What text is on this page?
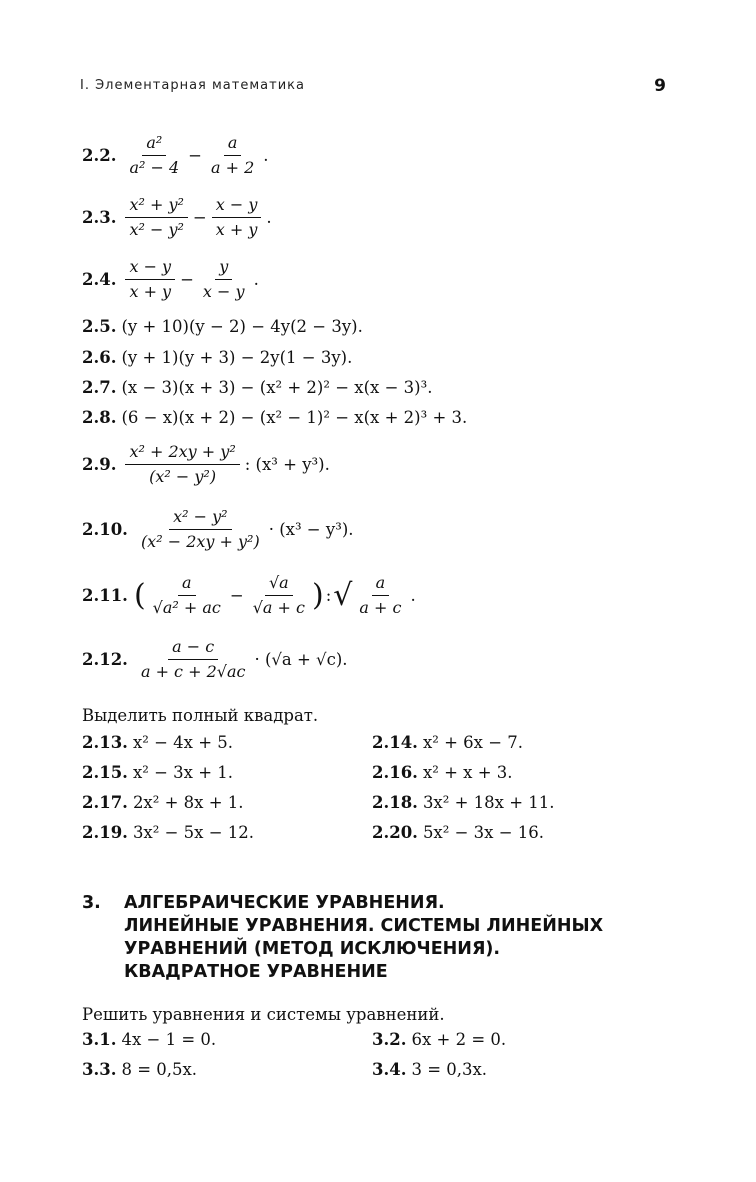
I. Элементарная математика	9
2.2. $\frac{\text{a²}}{\text{a² − 4}} - \frac{a}{a + 2}$ .
2.3. $\frac{\text{x² + y²}}{\text{x² − y²}} - \frac{x - y}{x + y}$ .
2.4. $\frac{x - y}{x + y} - \frac{y}{x - y}$ .
2.5. (y + 10)(y − 2) − 4y(2 − 3y).
2.6. (y + 1)(y + 3) − 2y(1 − 3y).
2.7. (x − 3)(x + 3) − (x² + 2)² − x(x − 3)³.
2.8. (6 − x)(x + 2) − (x² − 1)² − x(x + 2)³ + 3.
2.9. $\frac{\text{x² + 2xy + y²}}{\text{(x² − y²)}}$ : (x³ + y³).
2.10. $\frac{\text{x² − y²}}{\text{(x² − 2xy + y²)}} \cdot (x^3 - y^3)$.
2.11. ( $\frac{a}{\text{√a² + ac}} - \frac{√a}{√a + c}$ ) : √ $\frac{a}{a + c}$ .
2.12. $\frac{a - c}{a + c + 2√ac} \cdot (√a + √c)$.
Выделить полный квадрат.
2.13. x² − 4x + 5.	2.14. x² + 6x − 7.
2.15. x² − 3x + 1.	2.16. x² + x + 3.
2.17. 2x² + 8x + 1.	2.18. 3x² + 18x + 11.
2.19. 3x² − 5x − 12.	2.20. 5x² − 3x − 16.
3. АЛГЕБРАИЧЕСКИЕ УРАВНЕНИЯ.
ЛИНЕЙНЫЕ УРАВНЕНИЯ. СИСТЕМЫ ЛИНЕЙНЫХ
УРАВНЕНИЙ (МЕТОД ИСКЛЮЧЕНИЯ).
КВАДРАТНОЕ УРАВНЕНИЕ
Решить уравнения и системы уравнений.
3.1. 4x − 1 = 0.	3.2. 6x + 2 = 0.
3.3. 8 = 0,5x.	3.4. 3 = 0,3x.
